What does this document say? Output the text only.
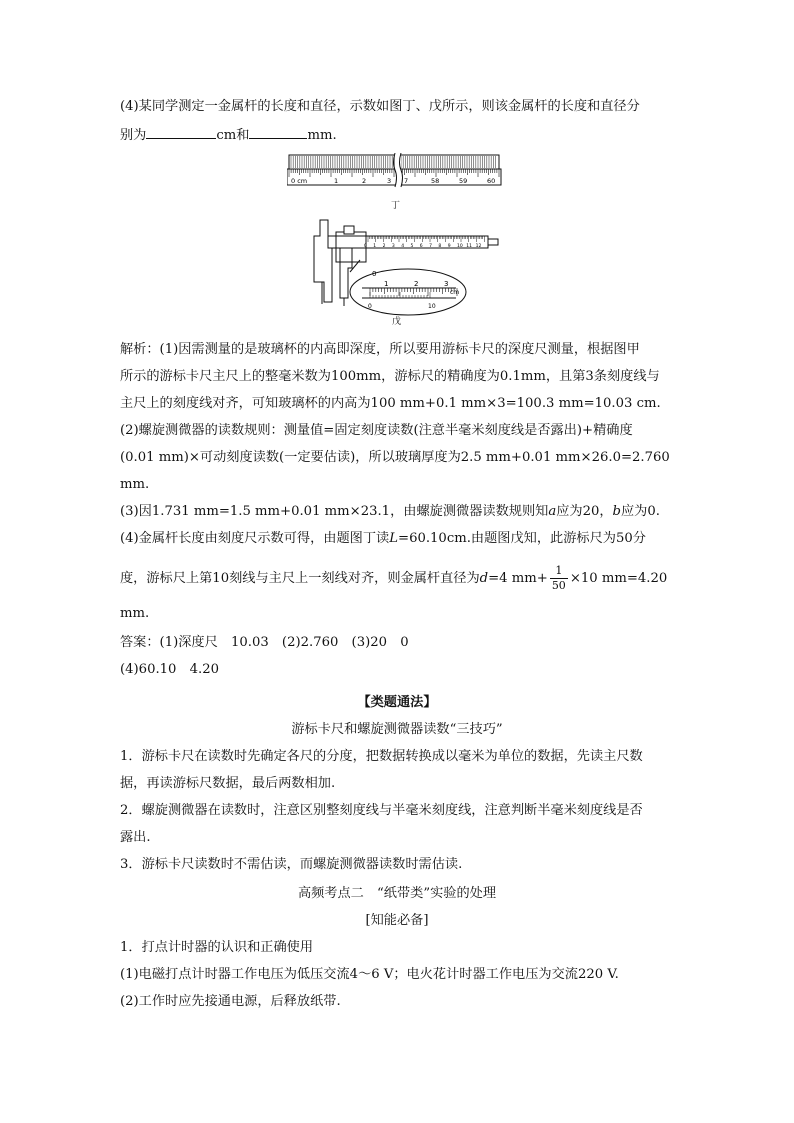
(4)某同学测定一金属杆的长度和直径，示数如图丁、戊所示，则该金属杆的长度和直径分
别为	cm和	mm.
0 cm	1	2	3 7	58	59	60
丁
0 1 2 3 4 5 6 7 8 9 10 11 12
0
1	2	3
cm
0	10
戊
解析：(1)因需测量的是玻璃杯的内高即深度，所以要用游标卡尺的深度尺测量，根据图甲
所示的游标卡尺主尺上的整毫米数为100mm，游标尺的精确度为0.1mm，且第3条刻度线与
主尺上的刻度线对齐，可知玻璃杯的内高为100 mm+0.1 mm×3=100.3 mm=10.03 cm.
(2)螺旋测微器的读数规则：测量值=固定刻度读数(注意半毫米刻度线是否露出)+精确度
(0.01 mm)×可动刻度读数(一定要估读)，所以玻璃厚度为2.5 mm+0.01 mm×26.0=2.760
mm.
(3)因1.731 mm=1.5 mm+0.01 mm×23.1，由螺旋测微器读数规则知a应为20，b应为0.
(4)金属杆长度由刻度尺示数可得，由题图丁读L=60.10cm.由题图戊知，此游标尺为50分
度，游标尺上第10刻线与主尺上一刻线对齐，则金属杆直径为d=4 $mm+ \frac{1}{50} \times 10$ mm=4.20
mm.
答案：(1)深度尺　10.03　(2)2.760　(3)20　0
(4)60.10　4.20
【类题通法】
游标卡尺和螺旋测微器读数“三技巧”
1．游标卡尺在读数时先确定各尺的分度，把数据转换成以毫米为单位的数据，先读主尺数
据，再读游标尺数据，最后两数相加.
2．螺旋测微器在读数时，注意区别整刻度线与半毫米刻度线，注意判断半毫米刻度线是否
露出.
3．游标卡尺读数时不需估读，而螺旋测微器读数时需估读.
高频考点二　“纸带类”实验的处理
[知能必备]
1．打点计时器的认识和正确使用
(1)电磁打点计时器工作电压为低压交流4～6 V；电火花计时器工作电压为交流220 V.
(2)工作时应先接通电源，后释放纸带.
